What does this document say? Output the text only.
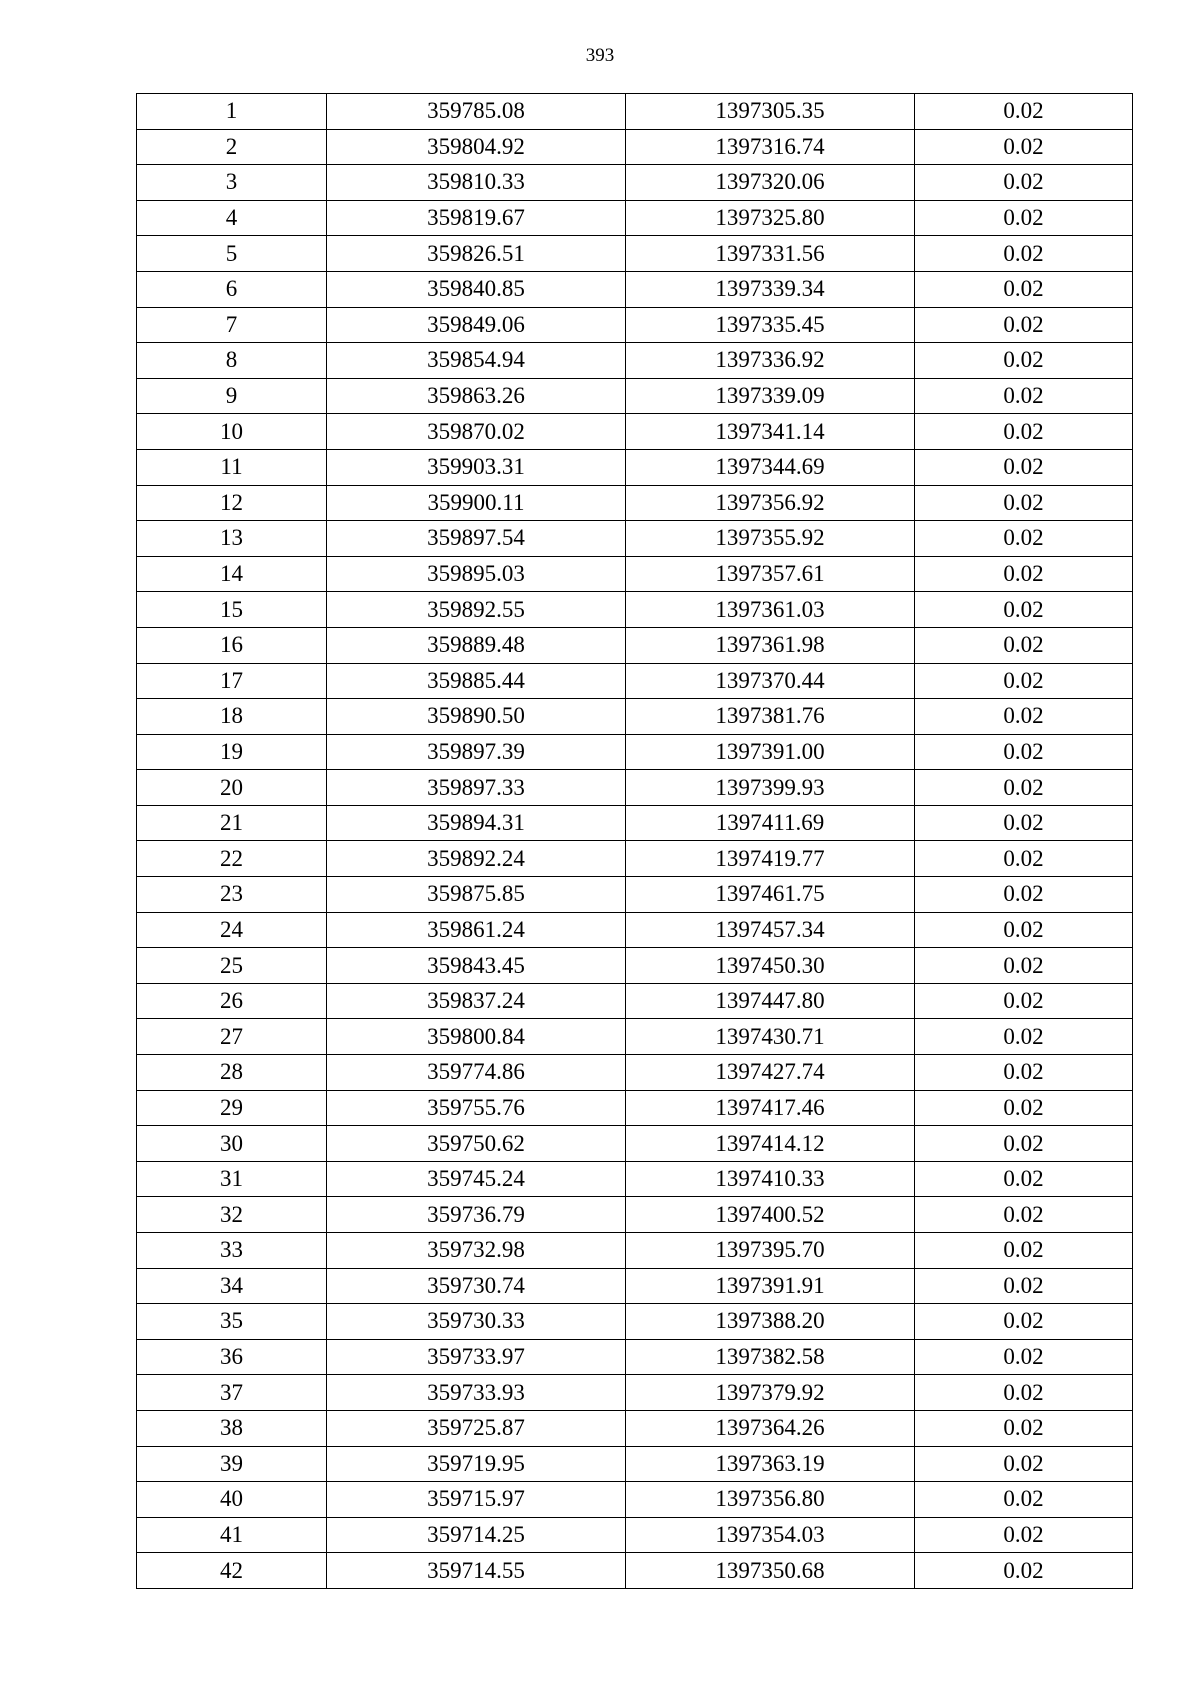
393
1	359785.08	1397305.35	0.02
2	359804.92	1397316.74	0.02
3	359810.33	1397320.06	0.02
4	359819.67	1397325.80	0.02
5	359826.51	1397331.56	0.02
6	359840.85	1397339.34	0.02
7	359849.06	1397335.45	0.02
8	359854.94	1397336.92	0.02
9	359863.26	1397339.09	0.02
10	359870.02	1397341.14	0.02
11	359903.31	1397344.69	0.02
12	359900.11	1397356.92	0.02
13	359897.54	1397355.92	0.02
14	359895.03	1397357.61	0.02
15	359892.55	1397361.03	0.02
16	359889.48	1397361.98	0.02
17	359885.44	1397370.44	0.02
18	359890.50	1397381.76	0.02
19	359897.39	1397391.00	0.02
20	359897.33	1397399.93	0.02
21	359894.31	1397411.69	0.02
22	359892.24	1397419.77	0.02
23	359875.85	1397461.75	0.02
24	359861.24	1397457.34	0.02
25	359843.45	1397450.30	0.02
26	359837.24	1397447.80	0.02
27	359800.84	1397430.71	0.02
28	359774.86	1397427.74	0.02
29	359755.76	1397417.46	0.02
30	359750.62	1397414.12	0.02
31	359745.24	1397410.33	0.02
32	359736.79	1397400.52	0.02
33	359732.98	1397395.70	0.02
34	359730.74	1397391.91	0.02
35	359730.33	1397388.20	0.02
36	359733.97	1397382.58	0.02
37	359733.93	1397379.92	0.02
38	359725.87	1397364.26	0.02
39	359719.95	1397363.19	0.02
40	359715.97	1397356.80	0.02
41	359714.25	1397354.03	0.02
42	359714.55	1397350.68	0.02
